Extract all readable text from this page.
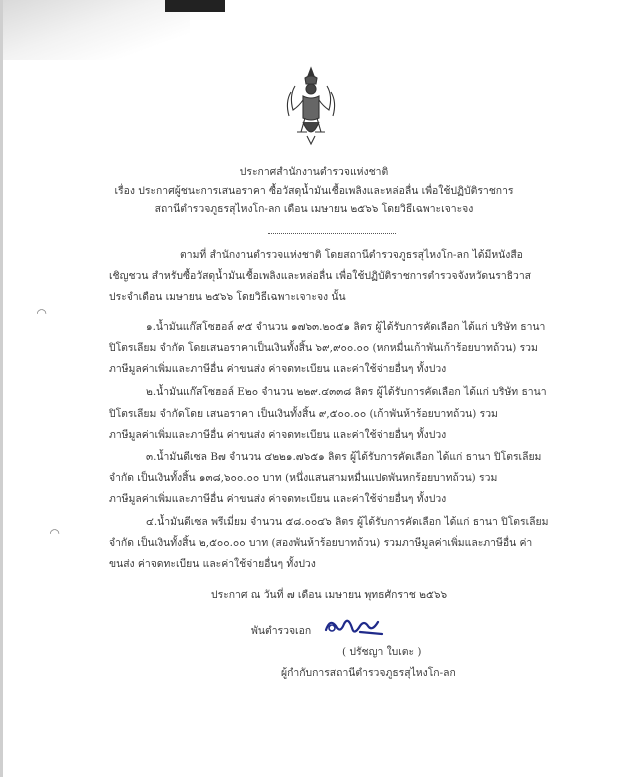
ประกาศสำนักงานตำรวจแห่งชาติ
เรื่อง ประกาศผู้ชนะการเสนอราคา ซื้อวัสดุน้ำมันเชื้อเพลิงและหล่อลื่น เพื่อใช้ปฏิบัติราชการ
สถานีตำรวจภูธรสุไหงโก-ลก เดือน เมษายน ๒๕๖๖ โดยวิธีเฉพาะเจาะจง
ตามที่ สำนักงานตำรวจแห่งชาติ โดยสถานีตำรวจภูธรสุไหงโก-ลก ได้มีหนังสือ
เชิญชวน สำหรับซื้อวัสดุน้ำมันเชื้อเพลิงและหล่อลื่น เพื่อใช้ปฏิบัติราชการตำรวจจังหวัดนราธิวาส
ประจำเดือน เมษายน ๒๕๖๖ โดยวิธีเฉพาะเจาะจง นั้น
◜◝
๑.น้ำมันแก๊สโซฮอล์ ๙๕ จำนวน ๑๗๖๓.๒๐๕๑ ลิตร ผู้ได้รับการคัดเลือก ได้แก่ บริษัท ธานา
ปิโตรเลียม จำกัด โดยเสนอราคาเป็นเงินทั้งสิ้น ๖๙,๙๐๐.๐๐ (หกหมื่นเก้าพันเก้าร้อยบาทถ้วน) รวม
ภาษีมูลค่าเพิ่มและภาษีอื่น ค่าขนส่ง ค่าจดทะเบียน และค่าใช้จ่ายอื่นๆ ทั้งปวง
๒.น้ำมันแก๊สโซฮอล์ E๒๐ จำนวน ๒๒๙.๔๓๓๘ ลิตร ผู้ได้รับการคัดเลือก ได้แก่ บริษัท ธานา
ปิโตรเลียม จำกัดโดย เสนอราคา เป็นเงินทั้งสิ้น ๙,๕๐๐.๐๐ (เก้าพันห้าร้อยบาทถ้วน) รวม
ภาษีมูลค่าเพิ่มและภาษีอื่น ค่าขนส่ง ค่าจดทะเบียน และค่าใช้จ่ายอื่นๆ ทั้งปวง
๓.น้ำมันดีเซล B๗ จำนวน ๔๒๒๑.๗๖๕๑ ลิตร ผู้ได้รับการคัดเลือก ได้แก่ ธานา ปิโตรเลียม
จำกัด เป็นเงินทั้งสิ้น ๑๓๘,๖๐๐.๐๐ บาท (หนึ่งแสนสามหมื่นแปดพันหกร้อยบาทถ้วน) รวม
ภาษีมูลค่าเพิ่มและภาษีอื่น ค่าขนส่ง ค่าจดทะเบียน และค่าใช้จ่ายอื่นๆ ทั้งปวง
◜◝
๔.น้ำมันดีเซล พรีเมี่ยม จำนวน ๕๘.๐๐๔๖ ลิตร ผู้ได้รับการคัดเลือก ได้แก่ ธานา ปิโตรเลียม
จำกัด เป็นเงินทั้งสิ้น ๒,๕๐๐.๐๐ บาท (สองพันห้าร้อยบาทถ้วน) รวมภาษีมูลค่าเพิ่มและภาษีอื่น ค่า
ขนส่ง ค่าจดทะเบียน และค่าใช้จ่ายอื่นๆ ทั้งปวง
ประกาศ ณ วันที่ ๗ เดือน เมษายน พุทธศักราช ๒๕๖๖
พันตำรวจเอก
( ปรัชญา ใบเตะ )
ผู้กำกับการสถานีตำรวจภูธรสุไหงโก-ลก
